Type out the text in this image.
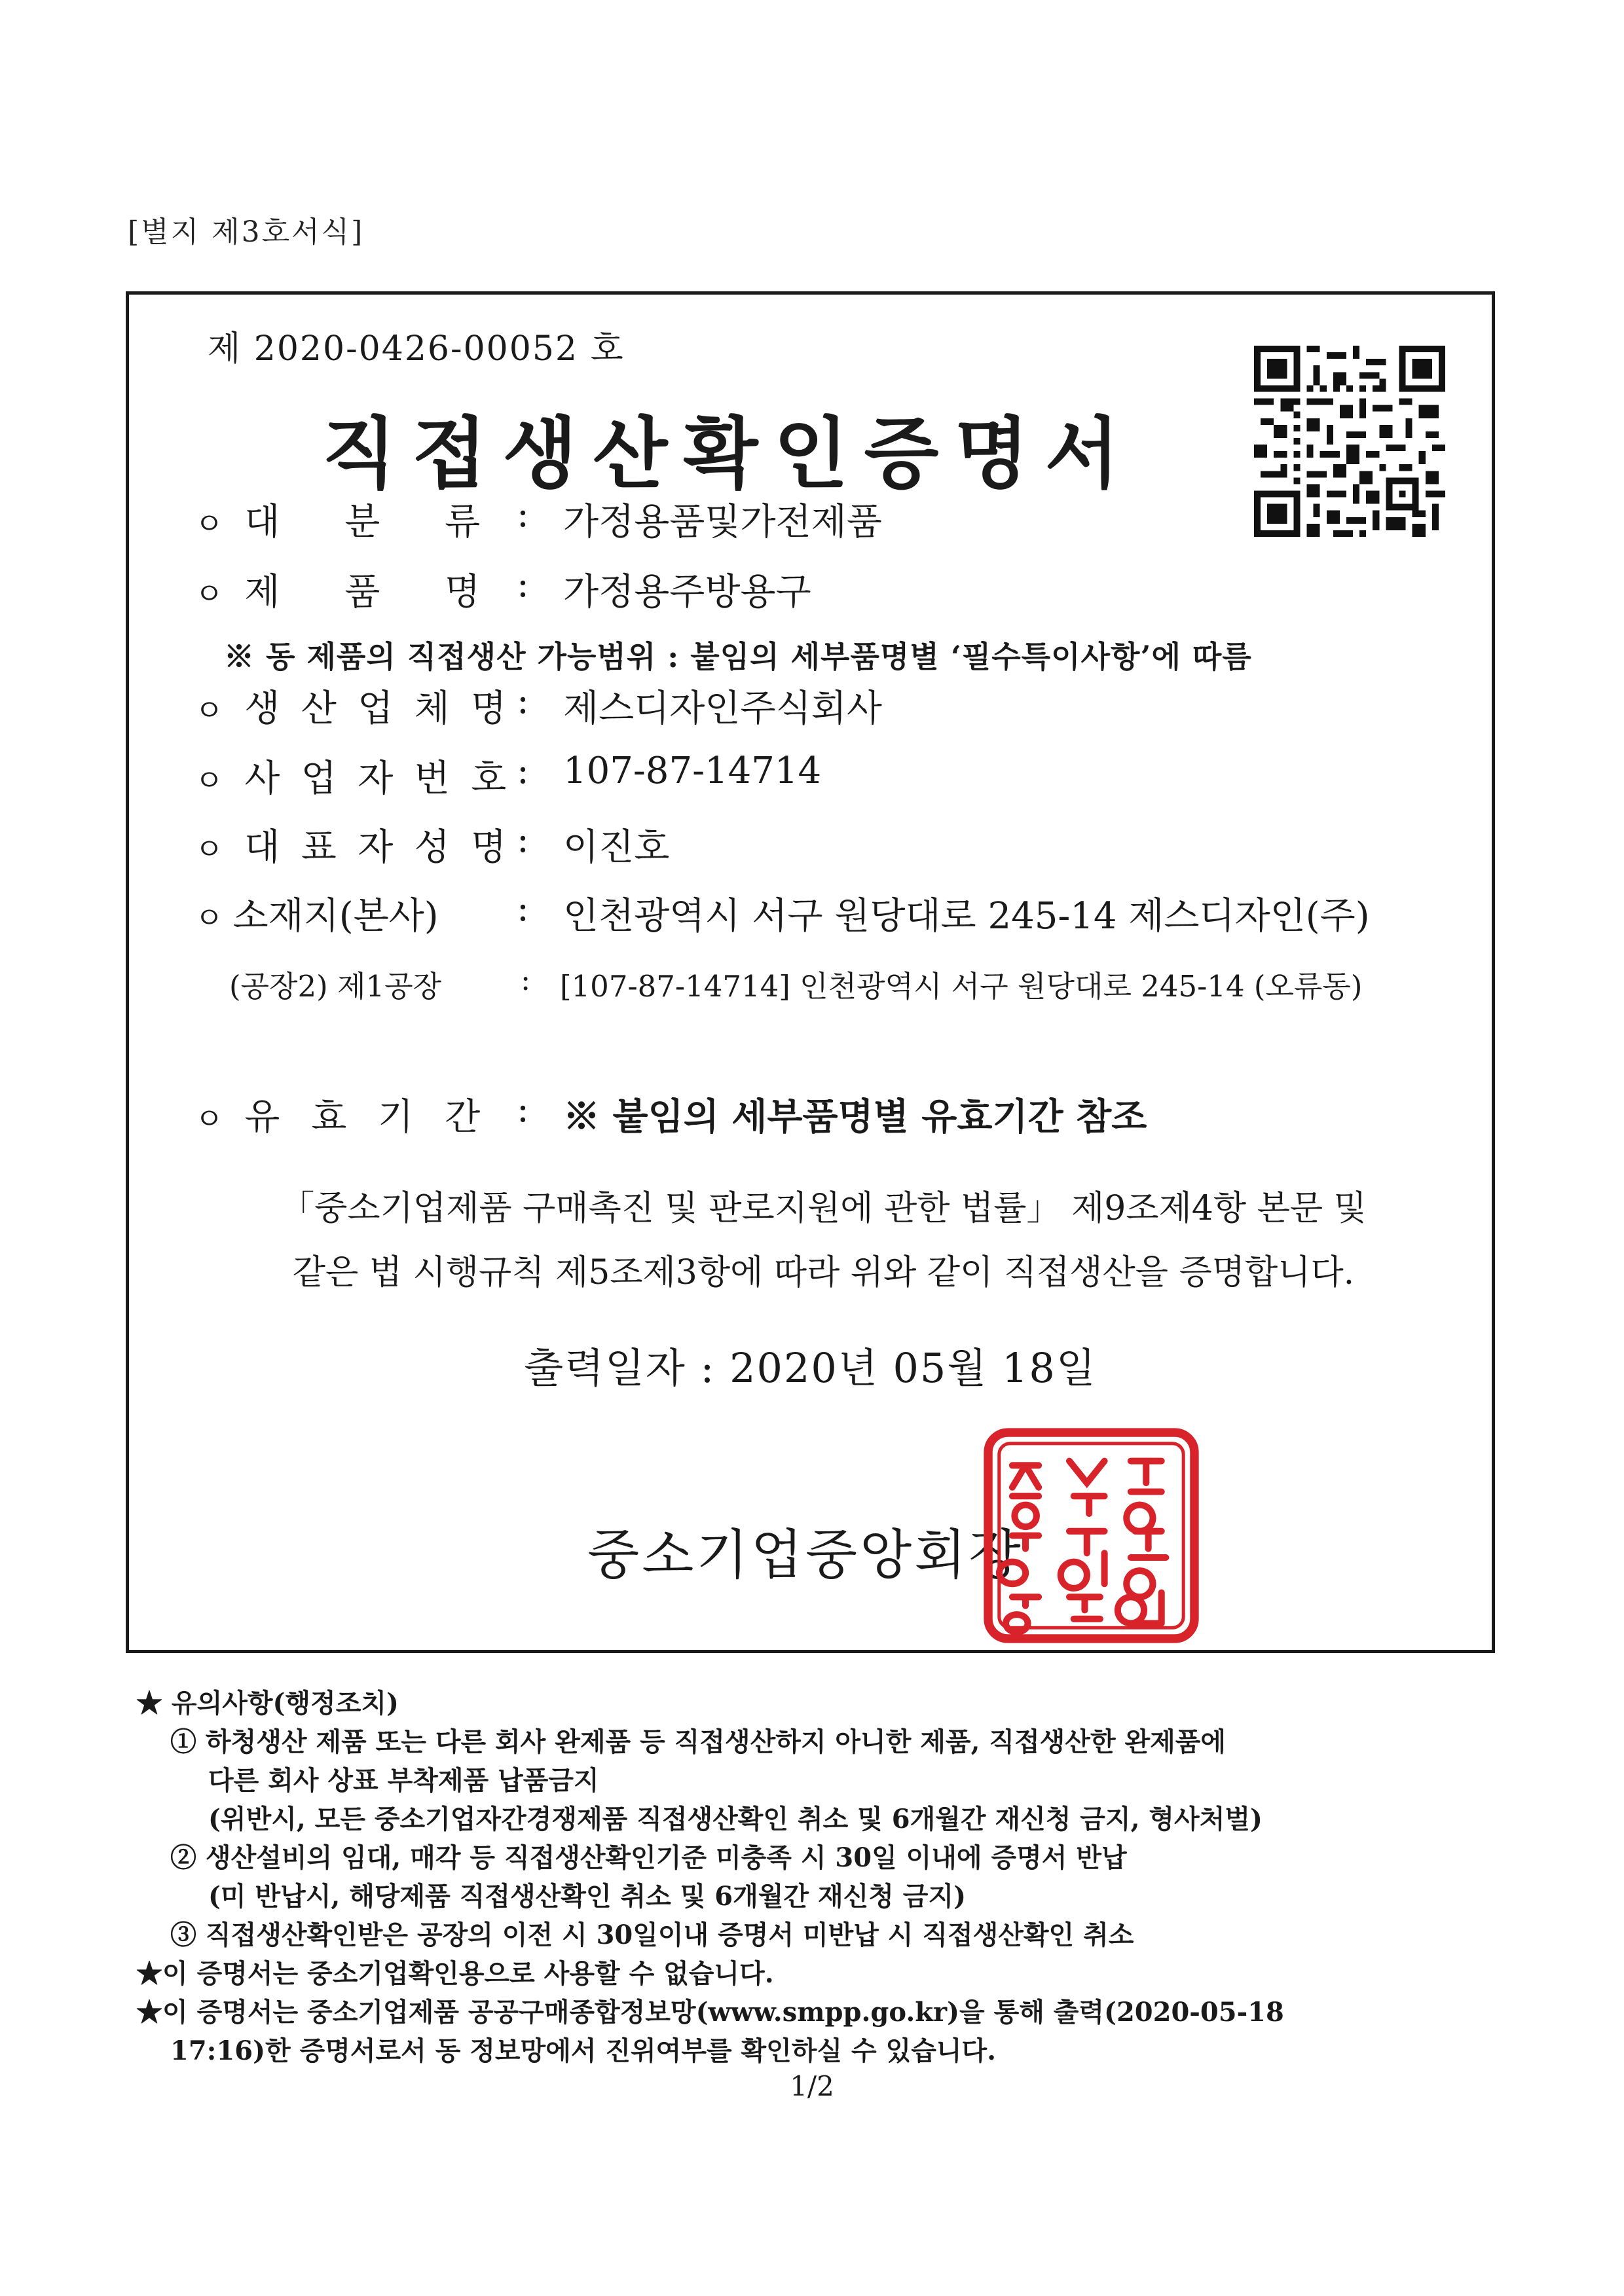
[별지 제3호서식]
제 2020-0426-00052 호
직접생산확인증명서
ㅇ 대 분 류 : 가정용품및가전제품
ㅇ 제 품 명 : 가정용주방용구
※ 동 제품의 직접생산 가능범위 : 붙임의 세부품명별 ‘필수특이사항’에 따름
ㅇ 생 산 업 체 명 : 제스디자인주식회사
ㅇ 사 업 자 번 호 : 107-87-14714
ㅇ 대 표 자 성 명 : 이진호
ㅇ 소재지(본사) : 인천광역시 서구 원당대로 245-14 제스디자인(주)
(공장2) 제1공장	: [107-87-14714] 인천광역시 서구 원당대로 245-14 (오류동)
ㅇ 유 효 기 간 : ※ 붙임의 세부품명별 유효기간 참조
「중소기업제품 구매촉진 및 판로지원에 관한 법률」 제9조제4항 본문 및
같은 법 시행규칙 제5조제3항에 따라 위와 같이 직접생산을 증명합니다.
출력일자 : 2020년 05월 18일
중소기업중앙회장
★ 유의사항(행정조치)
① 하청생산 제품 또는 다른 회사 완제품 등 직접생산하지 아니한 제품, 직접생산한 완제품에
다른 회사 상표 부착제품 납품금지
(위반시, 모든 중소기업자간경쟁제품 직접생산확인 취소 및 6개월간 재신청 금지, 형사처벌)
② 생산설비의 임대, 매각 등 직접생산확인기준 미충족 시 30일 이내에 증명서 반납
(미 반납시, 해당제품 직접생산확인 취소 및 6개월간 재신청 금지)
③ 직접생산확인받은 공장의 이전 시 30일이내 증명서 미반납 시 직접생산확인 취소
★이 증명서는 중소기업확인용으로 사용할 수 없습니다.
★이 증명서는 중소기업제품 공공구매종합정보망(www.smpp.go.kr)을 통해 출력(2020-05-18
17:16)한 증명서로서 동 정보망에서 진위여부를 확인하실 수 있습니다.
1/2
